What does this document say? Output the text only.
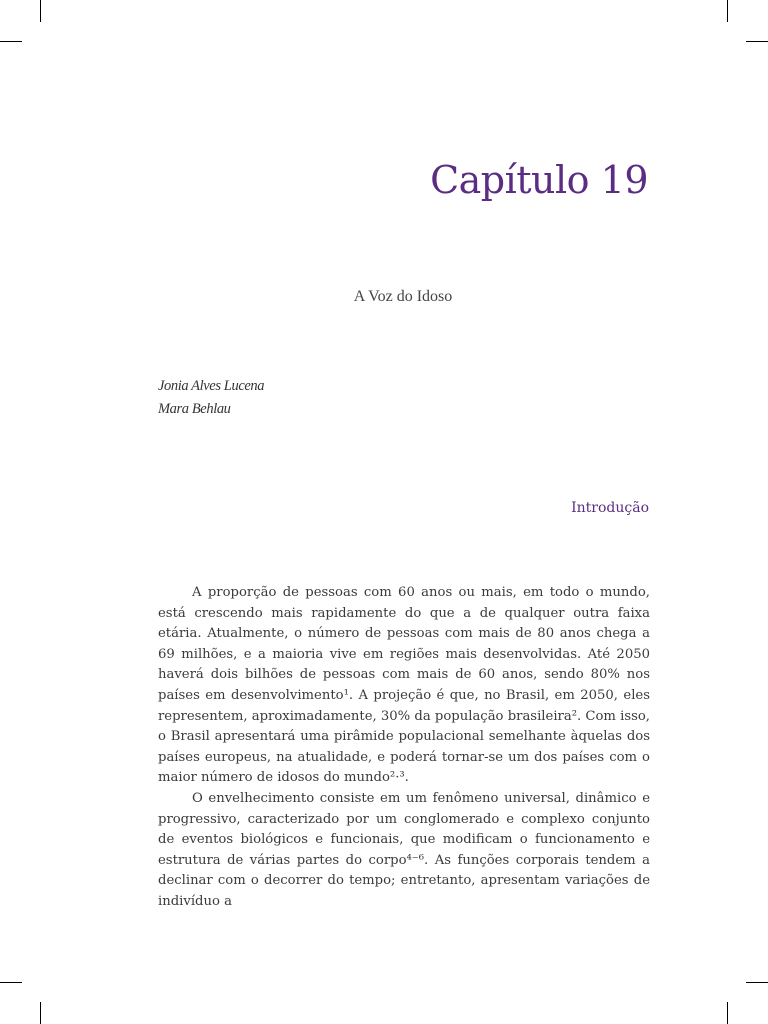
Capítulo 19
A Voz do Idoso
Jonia Alves Lucena
Mara Behlau
Introdução

A proporção de pessoas com 60 anos ou mais, em todo o mundo, está crescendo mais rapidamente do que a de qualquer outra faixa etária. Atualmente, o número de pessoas com mais de 80 anos chega a 69 milhões, e a maioria vive em regiões mais desenvolvidas. Até 2050 haverá dois bilhões de pessoas com mais de 60 anos, sendo 80% nos países em desenvolvimento¹. A projeção é que, no Brasil, em 2050, eles representem, aproximadamente, 30% da população brasileira². Com isso, o Brasil apresentará uma pirâmide populacional semelhante àquelas dos países europeus, na atualidade, e poderá tornar-se um dos países com o maior número de idosos do mundo²·³.

O envelhecimento consiste em um fenômeno universal, dinâmico e progressivo, caracterizado por um conglomerado e complexo conjunto de eventos biológicos e funcionais, que modificam o funcionamento e estrutura de várias partes do corpo⁴⁻⁶. As funções corporais tendem a declinar com o decorrer do tempo; entretanto, apresentam variações de indivíduo a
